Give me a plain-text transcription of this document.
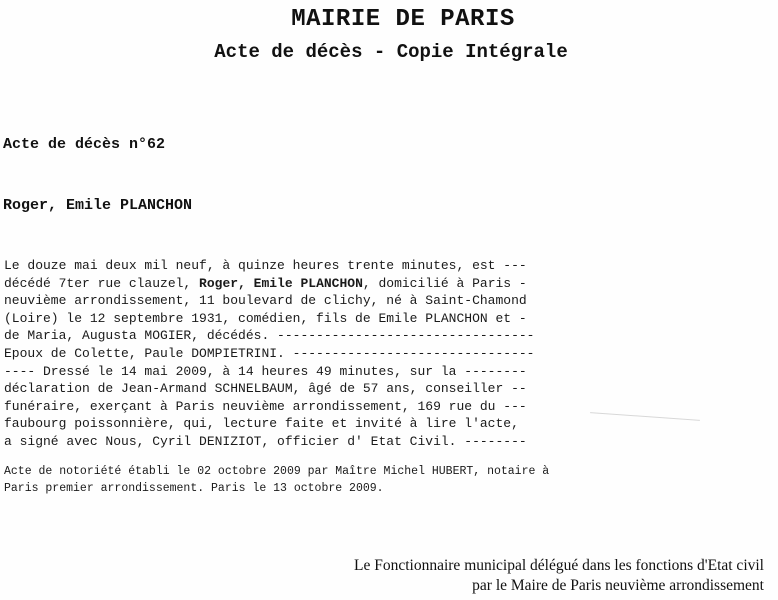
MAIRIE DE PARIS
Acte de décès - Copie Intégrale
Acte de décès n°62
Roger, Emile PLANCHON
Le douze mai deux mil neuf, à quinze heures trente minutes, est ---
décédé 7ter rue clauzel, Roger, Emile PLANCHON, domicilié à Paris -
neuvième arrondissement, 11 boulevard de clichy, né à Saint-Chamond
(Loire) le 12 septembre 1931, comédien, fils de Emile PLANCHON et -
de Maria, Augusta MOGIER, décédés. ---------------------------------
Epoux de Colette, Paule DOMPIETRINI. -------------------------------
---- Dressé le 14 mai 2009, à 14 heures 49 minutes, sur la --------
déclaration de Jean-Armand SCHNELBAUM, âgé de 57 ans, conseiller --
funéraire, exerçant à Paris neuvième arrondissement, 169 rue du ---
faubourg poissonnière, qui, lecture faite et invité à lire l'acte,
a signé avec Nous, Cyril DENIZIOT, officier d' Etat Civil. --------
Acte de notoriété établi le 02 octobre 2009 par Maître Michel HUBERT, notaire à
Paris premier arrondissement. Paris le 13 octobre 2009.
Le Fonctionnaire municipal délégué dans les fonctions d'Etat civil
par le Maire de Paris neuvième arrondissement
